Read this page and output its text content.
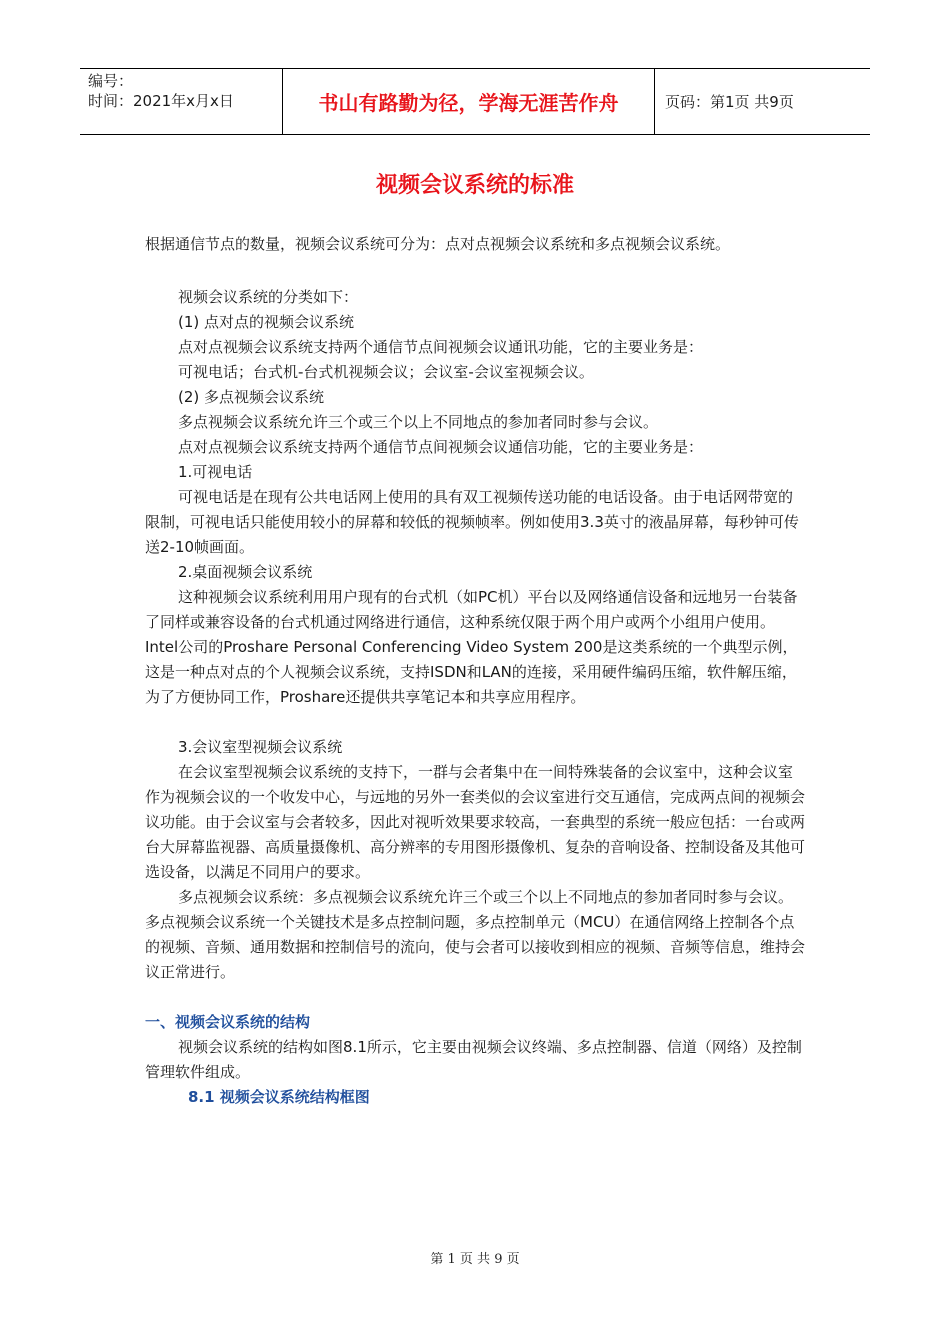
编号：
时间：2021年x月x日	书山有路勤为径，学海无涯苦作舟	页码：第1页 共9页
视频会议系统的标准

根据通信节点的数量，视频会议系统可分为：点对点视频会议系统和多点视频会议系统。

视频会议系统的分类如下：

(1) 点对点的视频会议系统

点对点视频会议系统支持两个通信节点间视频会议通讯功能，它的主要业务是：

可视电话；台式机-台式机视频会议；会议室-会议室视频会议。

(2) 多点视频会议系统

多点视频会议系统允许三个或三个以上不同地点的参加者同时参与会议。

点对点视频会议系统支持两个通信节点间视频会议通信功能，它的主要业务是：

1.可视电话

可视电话是在现有公共电话网上使用的具有双工视频传送功能的电话设备。由于电话网带宽的限制，可视电话只能使用较小的屏幕和较低的视频帧率。例如使用3.3英寸的液晶屏幕，每秒钟可传送2-10帧画面。

2.桌面视频会议系统

这种视频会议系统利用用户现有的台式机（如PC机）平台以及网络通信设备和远地另一台装备了同样或兼容设备的台式机通过网络进行通信，这种系统仅限于两个用户或两个小组用户使用。Intel公司的Proshare Personal Conferencing Video System 200是这类系统的一个典型示例，这是一种点对点的个人视频会议系统，支持ISDN和LAN的连接，采用硬件编码压缩，软件解压缩，为了方便协同工作，Proshare还提供共享笔记本和共享应用程序。

3.会议室型视频会议系统

在会议室型视频会议系统的支持下，一群与会者集中在一间特殊装备的会议室中，这种会议室作为视频会议的一个收发中心，与远地的另外一套类似的会议室进行交互通信，完成两点间的视频会议功能。由于会议室与会者较多，因此对视听效果要求较高，一套典型的系统一般应包括：一台或两台大屏幕监视器、高质量摄像机、高分辨率的专用图形摄像机、复杂的音响设备、控制设备及其他可选设备，以满足不同用户的要求。

多点视频会议系统：多点视频会议系统允许三个或三个以上不同地点的参加者同时参与会议。多点视频会议系统一个关键技术是多点控制问题，多点控制单元（MCU）在通信网络上控制各个点的视频、音频、通用数据和控制信号的流向，使与会者可以接收到相应的视频、音频等信息，维持会议正常进行。

一、视频会议系统的结构

视频会议系统的结构如图8.1所示，它主要由视频会议终端、多点控制器、信道（网络）及控制管理软件组成。

8.1 视频会议系统结构框图

第 1 页 共 9 页
